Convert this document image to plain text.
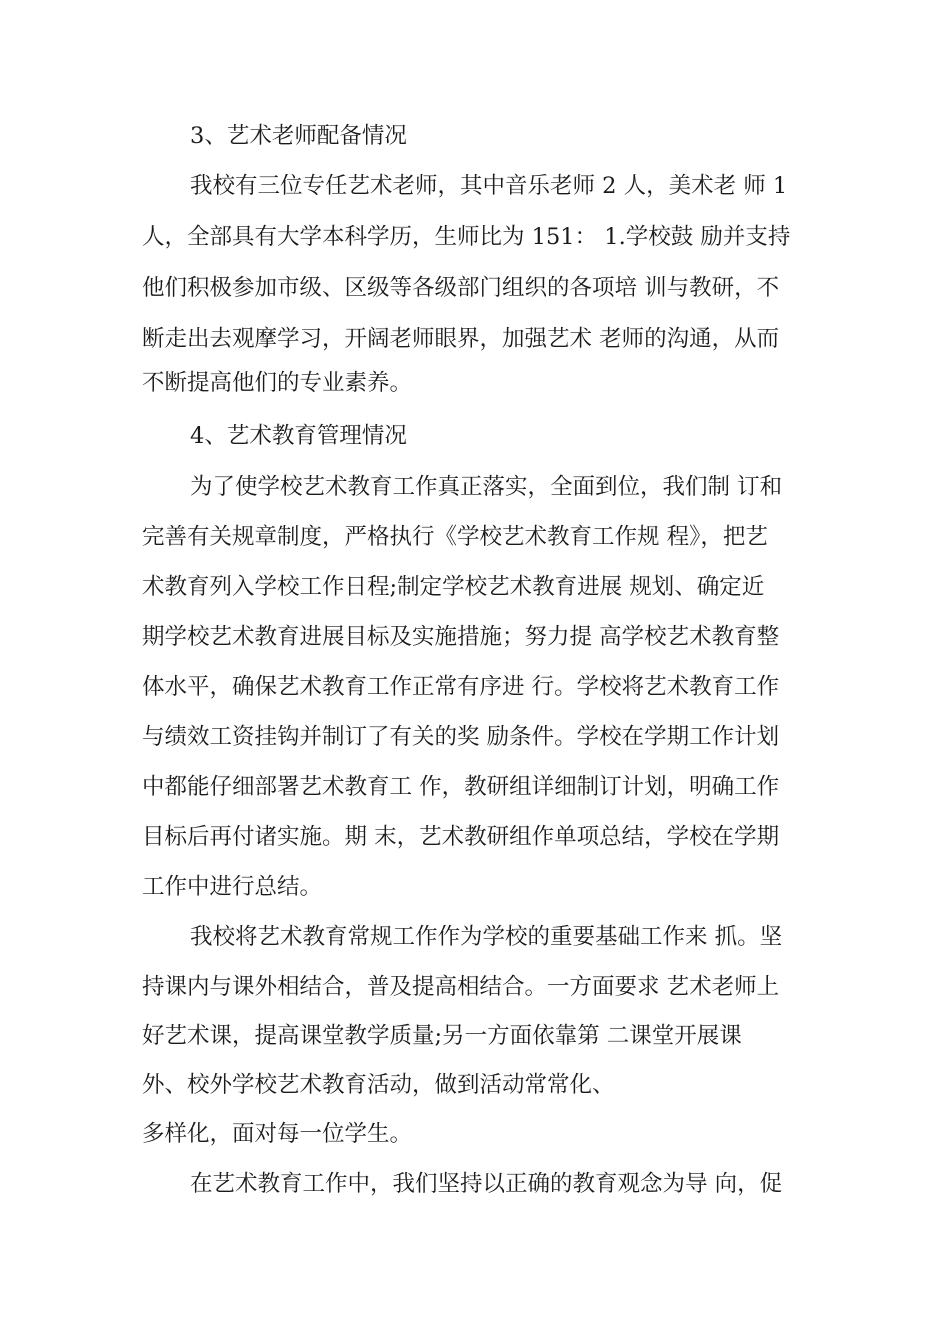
3、艺术老师配备情况
我校有三位专任艺术老师，其中音乐老师 2 人，美术老 师 1
人，全部具有大学本科学历，生师比为 151： 1.学校鼓 励并支持
他们积极参加市级、区级等各级部门组织的各项培 训与教研，不
断走出去观摩学习，开阔老师眼界，加强艺术 老师的沟通，从而
不断提高他们的专业素养。
4、艺术教育管理情况
为了使学校艺术教育工作真正落实，全面到位，我们制 订和
完善有关规章制度，严格执行《学校艺术教育工作规 程》，把艺
术教育列入学校工作日程;制定学校艺术教育进展 规划、确定近
期学校艺术教育进展目标及实施措施；努力提 高学校艺术教育整
体水平，确保艺术教育工作正常有序进 行。学校将艺术教育工作
与绩效工资挂钩并制订了有关的奖 励条件。学校在学期工作计划
中都能仔细部署艺术教育工 作，教研组详细制订计划，明确工作
目标后再付诸实施。期 末，艺术教研组作单项总结，学校在学期
工作中进行总结。
我校将艺术教育常规工作作为学校的重要基础工作来 抓。坚
持课内与课外相结合，普及提高相结合。一方面要求 艺术老师上
好艺术课，提高课堂教学质量;另一方面依靠第 二课堂开展课
外、校外学校艺术教育活动，做到活动常常化、
多样化，面对每一位学生。
在艺术教育工作中，我们坚持以正确的教育观念为导 向，促
